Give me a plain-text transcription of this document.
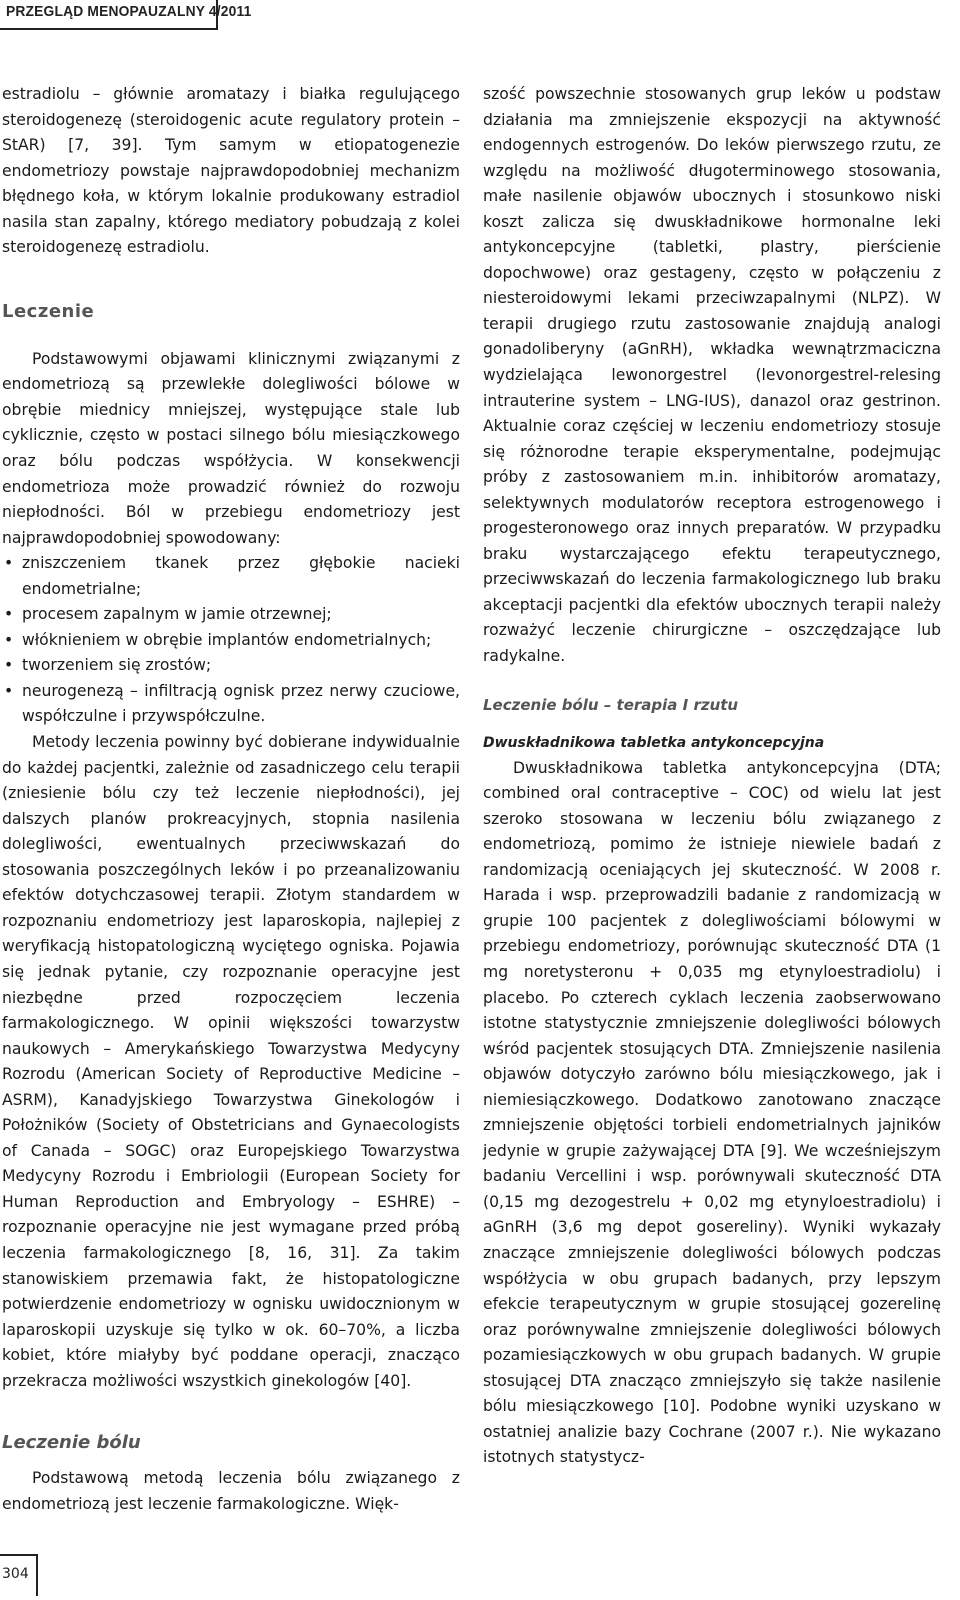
PRZEGLĄD MENOPAUZALNY 4/2011

estradiolu – głównie aromatazy i białka regulującego steroidogenezę (steroidogenic acute regulatory protein – StAR) [7, 39]. Tym samym w etiopatogenezie endometriozy powstaje najprawdopodobniej mechanizm błędnego koła, w którym lokalnie produkowany estradiol nasila stan zapalny, którego mediatory pobudzają z kolei steroidogenezę estradiolu.

Leczenie

Podstawowymi objawami klinicznymi związanymi z endometriozą są przewlekłe dolegliwości bólowe w obrębie miednicy mniejszej, występujące stale lub cyklicznie, często w postaci silnego bólu miesiączkowego oraz bólu podczas współżycia. W konsekwencji endometrioza może prowadzić również do rozwoju niepłodności. Ból w przebiegu endometriozy jest najprawdopodobniej spowodowany:

• zniszczeniem tkanek przez głębokie nacieki endometrialne;
• procesem zapalnym w jamie otrzewnej;
• włóknieniem w obrębie implantów endometrialnych;
• tworzeniem się zrostów;
• neurogenezą – infiltracją ognisk przez nerwy czuciowe, współczulne i przywspółczulne.

Metody leczenia powinny być dobierane indywidualnie do każdej pacjentki, zależnie od zasadniczego celu terapii (zniesienie bólu czy też leczenie niepłodności), jej dalszych planów prokreacyjnych, stopnia nasilenia dolegliwości, ewentualnych przeciwwskazań do stosowania poszczególnych leków i po przeanalizowaniu efektów dotychczasowej terapii. Złotym standardem w rozpoznaniu endometriozy jest laparoskopia, najlepiej z weryfikacją histopatologiczną wyciętego ogniska. Pojawia się jednak pytanie, czy rozpoznanie operacyjne jest niezbędne przed rozpoczęciem leczenia farmakologicznego. W opinii większości towarzystw naukowych – Amerykańskiego Towarzystwa Medycyny Rozrodu (American Society of Reproductive Medicine – ASRM), Kanadyjskiego Towarzystwa Ginekologów i Położników (Society of Obstetricians and Gynaecologists of Canada – SOGC) oraz Europejskiego Towarzystwa Medycyny Rozrodu i Embriologii (European Society for Human Reproduction and Embryology – ESHRE) – rozpoznanie operacyjne nie jest wymagane przed próbą leczenia farmakologicznego [8, 16, 31]. Za takim stanowiskiem przemawia fakt, że histopatologiczne potwierdzenie endometriozy w ognisku uwidocznionym w laparoskopii uzyskuje się tylko w ok. 60–70%, a liczba kobiet, które miałyby być poddane operacji, znacząco przekracza możliwości wszystkich ginekologów [40].

Leczenie bólu

Podstawową metodą leczenia bólu związanego z endometriozą jest leczenie farmakologiczne. Więk-

szość powszechnie stosowanych grup leków u podstaw działania ma zmniejszenie ekspozycji na aktywność endogennych estrogenów. Do leków pierwszego rzutu, ze względu na możliwość długoterminowego stosowania, małe nasilenie objawów ubocznych i stosunkowo niski koszt zalicza się dwuskładnikowe hormonalne leki antykoncepcyjne (tabletki, plastry, pierścienie dopochwowe) oraz gestageny, często w połączeniu z niesteroidowymi lekami przeciwzapalnymi (NLPZ). W terapii drugiego rzutu zastosowanie znajdują analogi gonadoliberyny (aGnRH), wkładka wewnątrzmaciczna wydzielająca lewonorgestrel (levonorgestrel-relesing intrauterine system – LNG-IUS), danazol oraz gestrinon. Aktualnie coraz częściej w leczeniu endometriozy stosuje się różnorodne terapie eksperymentalne, podejmując próby z zastosowaniem m.in. inhibitorów aromatazy, selektywnych modulatorów receptora estrogenowego i progesteronowego oraz innych preparatów. W przypadku braku wystarczającego efektu terapeutycznego, przeciwwskazań do leczenia farmakologicznego lub braku akceptacji pacjentki dla efektów ubocznych terapii należy rozważyć leczenie chirurgiczne – oszczędzające lub radykalne.

Leczenie bólu – terapia I rzutu
Dwuskładnikowa tabletka antykoncepcyjna

Dwuskładnikowa tabletka antykoncepcyjna (DTA; combined oral contraceptive – COC) od wielu lat jest szeroko stosowana w leczeniu bólu związanego z endometriozą, pomimo że istnieje niewiele badań z randomizacją oceniających jej skuteczność. W 2008 r. Harada i wsp. przeprowadzili badanie z randomizacją w grupie 100 pacjentek z dolegliwościami bólowymi w przebiegu endometriozy, porównując skuteczność DTA (1 mg noretysteronu + 0,035 mg etynyloestradiolu) i placebo. Po czterech cyklach leczenia zaobserwowano istotne statystycznie zmniejszenie dolegliwości bólowych wśród pacjentek stosujących DTA. Zmniejszenie nasilenia objawów dotyczyło zarówno bólu miesiączkowego, jak i niemiesiączkowego. Dodatkowo zanotowano znaczące zmniejszenie objętości torbieli endometrialnych jajników jedynie w grupie zażywającej DTA [9]. We wcześniejszym badaniu Vercellini i wsp. porównywali skuteczność DTA (0,15 mg dezogestrelu + 0,02 mg etynyloestradiolu) i aGnRH (3,6 mg depot gosereliny). Wyniki wykazały znaczące zmniejszenie dolegliwości bólowych podczas współżycia w obu grupach badanych, przy lepszym efekcie terapeutycznym w grupie stosującej gozerelinę oraz porównywalne zmniejszenie dolegliwości bólowych pozamiesiączkowych w obu grupach badanych. W grupie stosującej DTA znacząco zmniejszyło się także nasilenie bólu miesiączkowego [10]. Podobne wyniki uzyskano w ostatniej analizie bazy Cochrane (2007 r.). Nie wykazano istotnych statystycz-

304
